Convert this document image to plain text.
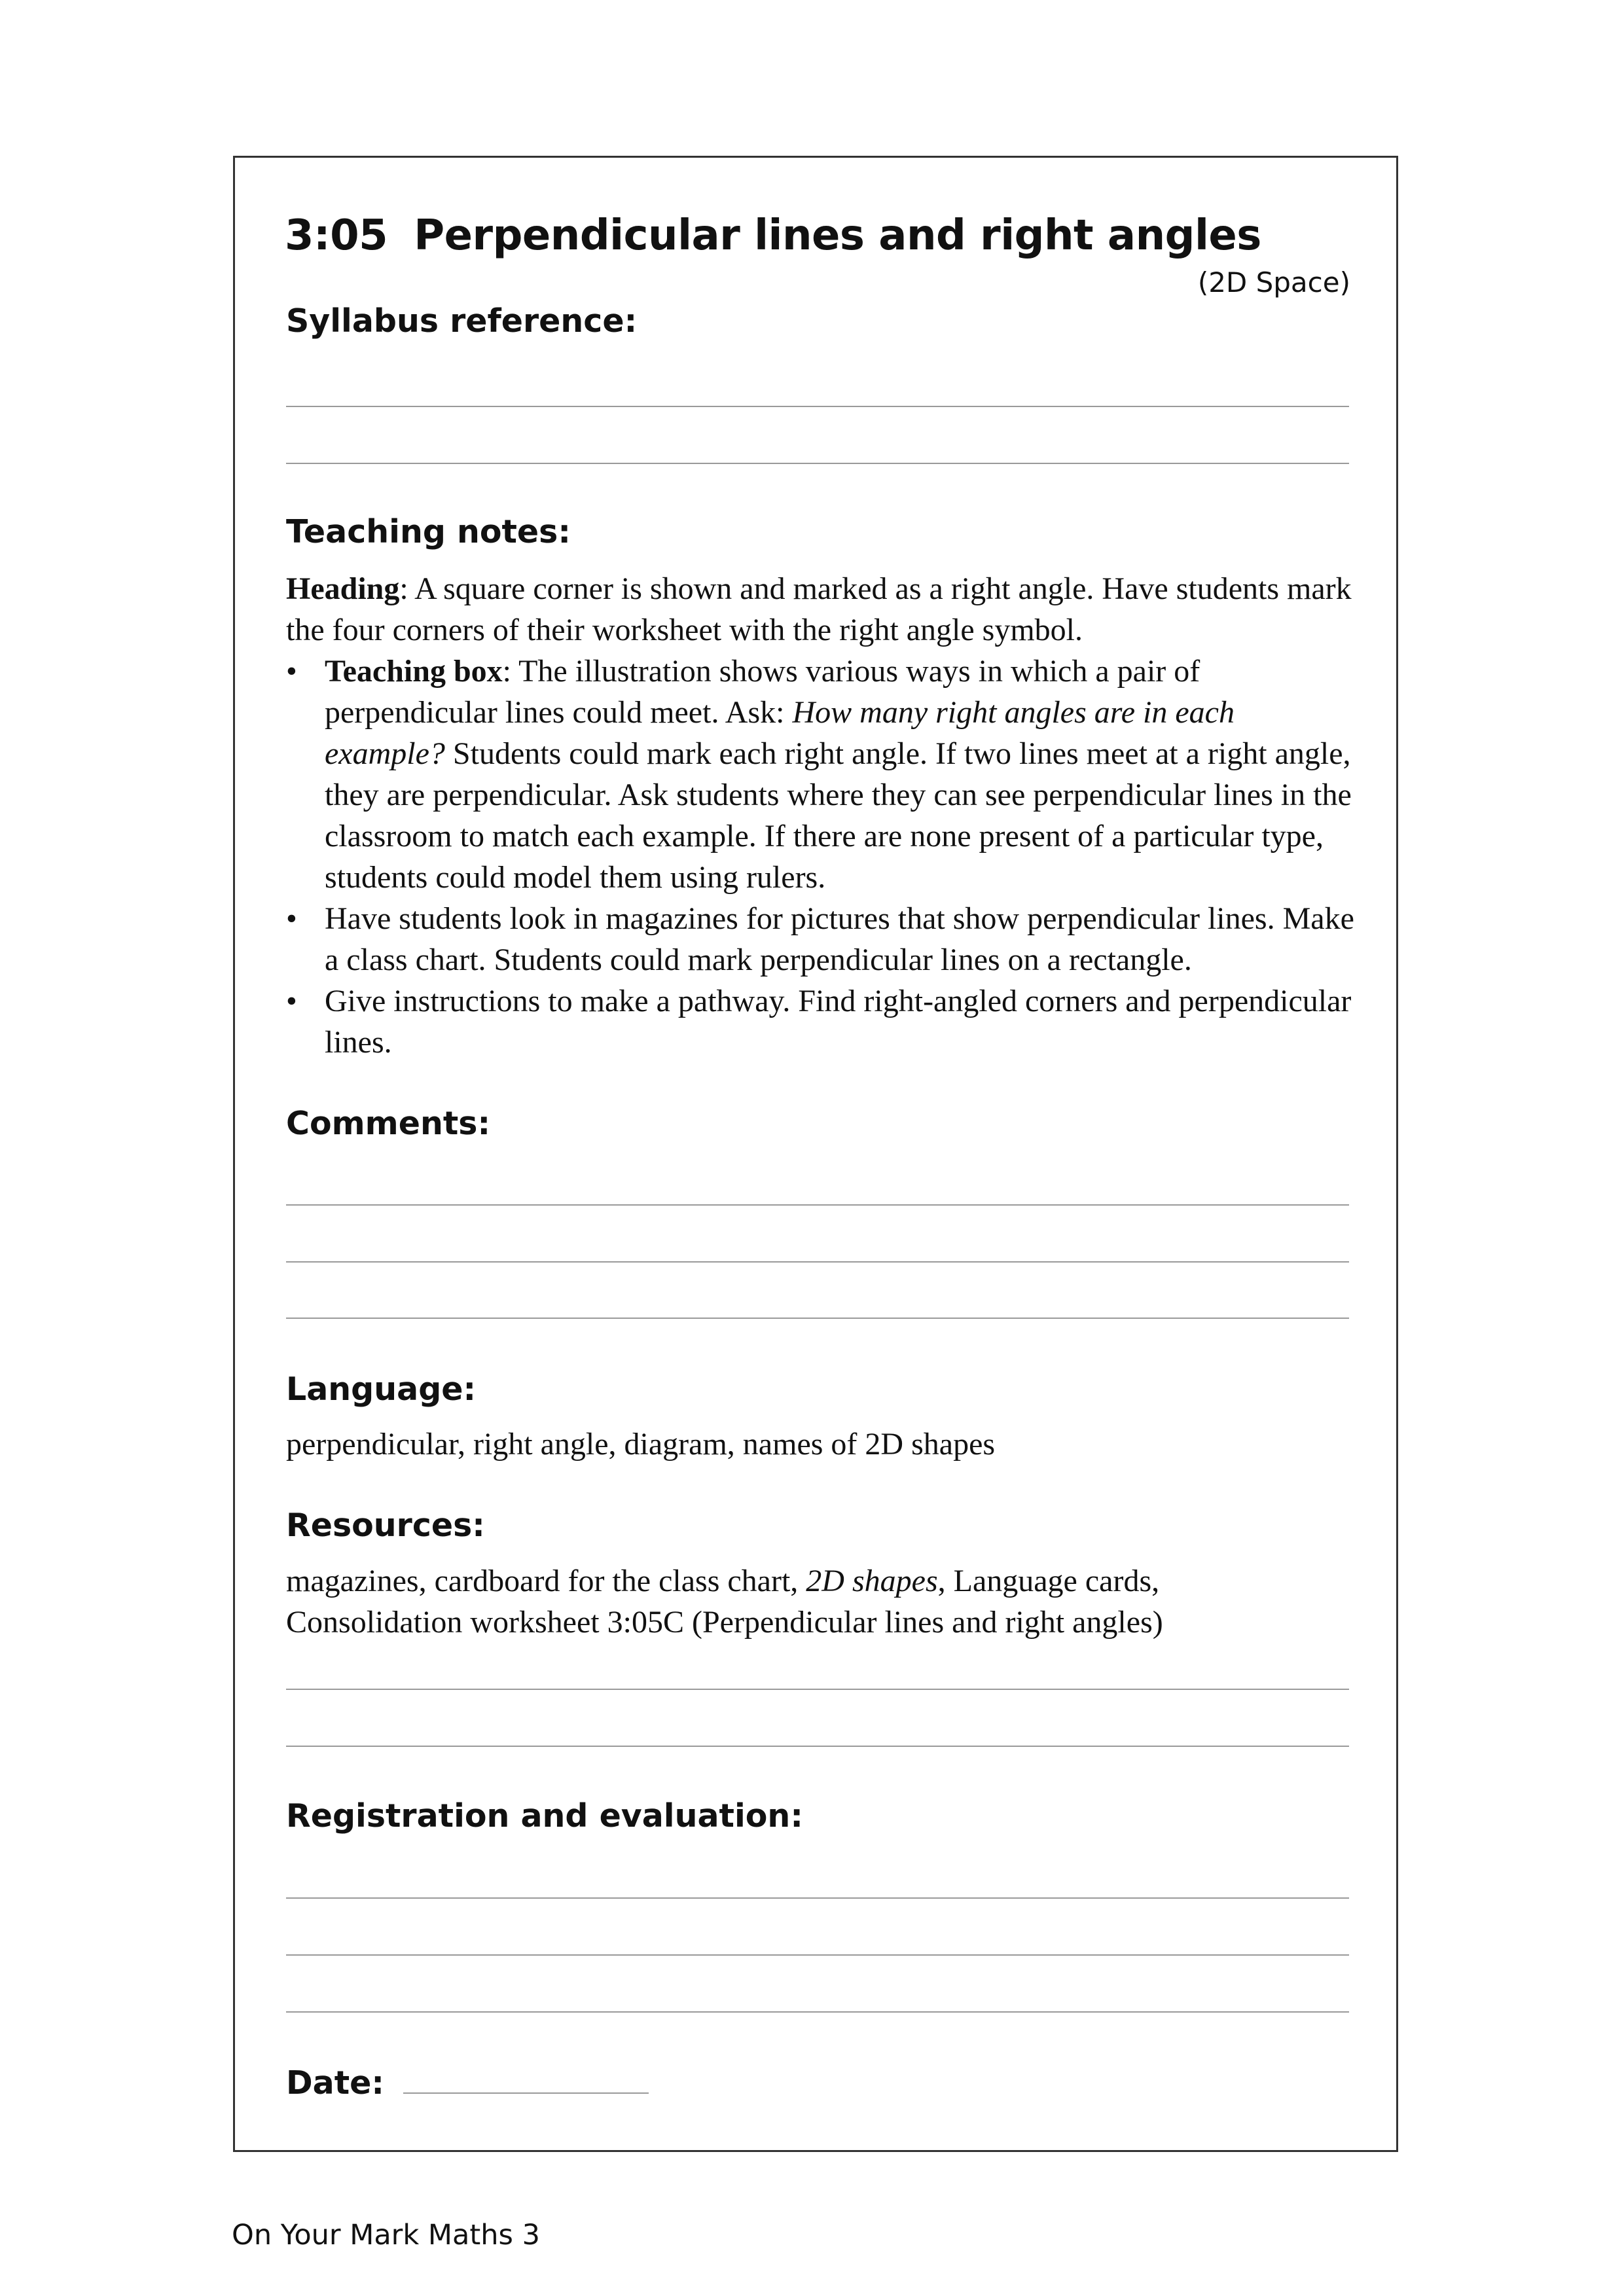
3:05 Perpendicular lines and right angles
(2D Space)
Syllabus reference:
Teaching notes:

Heading: A square corner is shown and marked as a right angle. Have students mark the four corners of their worksheet with the right angle symbol.

• Teaching box: The illustration shows various ways in which a pair of perpendicular lines could meet. Ask: How many right angles are in each example? Students could mark each right angle. If two lines meet at a right angle, they are perpendicular. Ask students where they can see perpendicular lines in the classroom to match each example. If there are none present of a particular type, students could model them using rulers.
• Have students look in magazines for pictures that show perpendicular lines. Make a class chart. Students could mark perpendicular lines on a rectangle.
• Give instructions to make a pathway. Find right-angled corners and perpendicular lines.
Comments:
Language:
perpendicular, right angle, diagram, names of 2D shapes
Resources:
magazines, cardboard for the class chart, 2D shapes, Language cards, Consolidation worksheet 3:05C (Perpendicular lines and right angles)
Registration and evaluation:
Date:
On Your Mark Maths 3
